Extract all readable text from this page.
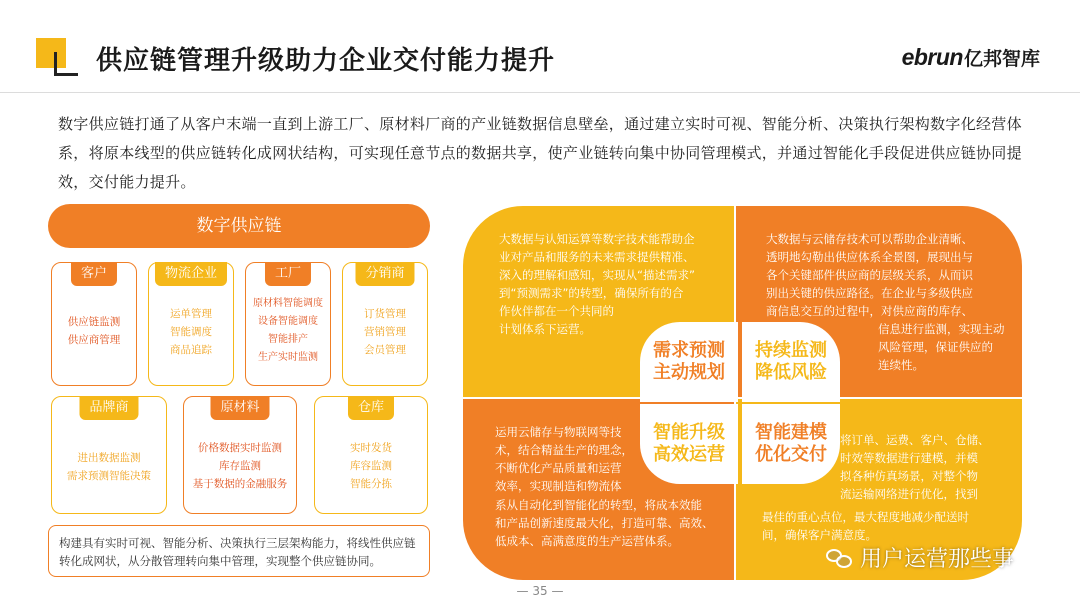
供应链管理升级助力企业交付能力提升	ebrun 亿邦智库
数字供应链打通了从客户末端一直到上游工厂、原材料厂商的产业链数据信息壁垒，通过建立实时可视、智能分析、决策执行架构数字化经营体系，将原本线型的供应链转化成网状结构，可实现任意节点的数据共享，使产业链转向集中协同管理模式，并通过智能化手段促进供应链协同提效，交付能力提升。
数字供应链
客户
供应链监测
供应商管理
物流企业
运单管理
智能调度
商品追踪
工厂
原材料智能调度
设备智能调度
智能排产
生产实时监测
分销商
订货管理
营销管理
会员管理
品牌商
进出数据监测
需求预测智能决策
原材料
价格数据实时监测
库存监测
基于数据的金融服务
仓库
实时发货
库容监测
智能分拣
构建具有实时可视、智能分析、决策执行三层架构能力，将线性供应链转化成网状，从分散管理转向集中管理，实现整个供应链协同。
大数据与认知运算等数字技术能帮助企
业对产品和服务的未来需求提供精准、
深入的理解和感知，实现从“描述需求”
到“预测需求”的转型，确保所有的合
作伙伴都在一个共同的
计划体系下运营。
大数据与云储存技术可以帮助企业清晰、
透明地勾勒出供应体系全景图，展现出与
各个关键部件供应商的层级关系，从而识
别出关键的供应路径。在企业与多级供应
商信息交互的过程中，对供应商的库存、
信息进行监测，实现主动
风险管理，保证供应的
连续性。
运用云储存与物联网等技
术，结合精益生产的理念，
不断优化产品质量和运营
效率，实现制造和物流体
系从自动化到智能化的转型，将成本效能
和产品创新速度最大化，打造可靠、高效、
低成本、高满意度的生产运营体系。
将订单、运费、客户、仓储、
时效等数据进行建模，并模
拟各种仿真场景，对整个物
流运输网络进行优化，找到
最佳的重心点位，最大程度地减少配送时
间，确保客户满意度。
需求预测
主动规划
持续监测
降低风险
智能升级
高效运营
智能建模
优化交付
用户运营那些事
— 35 —
